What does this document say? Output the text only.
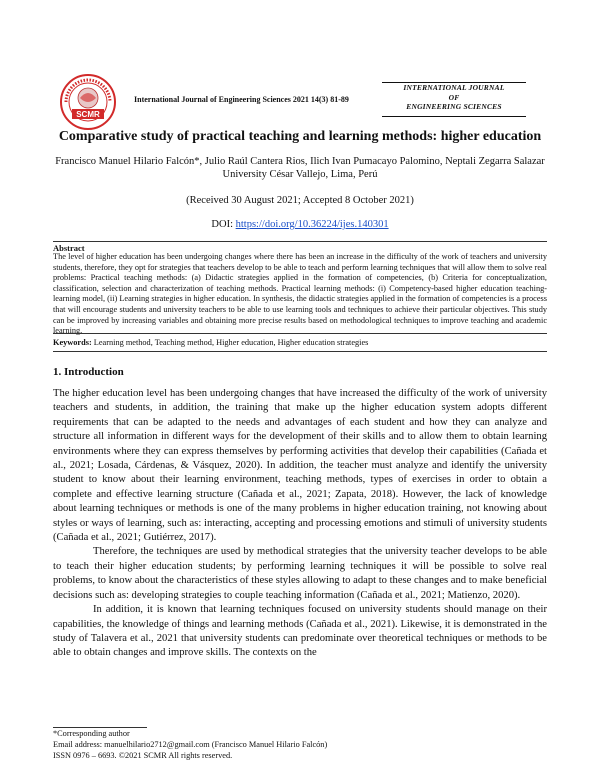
SCMR
International Journal of Engineering Sciences 2021 14(3) 81-89
INTERNATIONAL JOURNAL
OF
ENGINEERING SCIENCES
Comparative study of practical teaching and learning methods: higher education
Francisco Manuel Hilario Falcón*, Julio Raúl Cantera Rios, Ilich Ivan Pumacayo Palomino, Neptali Zegarra Salazar
University César Vallejo, Lima, Perú
(Received 30 August 2021; Accepted 8 October 2021)
DOI: https://doi.org/10.36224/ijes.140301
Abstract
The level of higher education has been undergoing changes where there has been an increase in the difficulty of the work of teachers and university students, therefore, they opt for strategies that teachers develop to be able to teach and perform learning techniques that will allow them to solve real problems: Practical teaching methods: (a) Didactic strategies applied in the formation of competencies, (b) Criteria for conceptualization, classification, selection and characterization of teaching methods. Practical learning methods: (i) Competency-based higher education teaching-learning model, (ii) Learning strategies in higher education. In synthesis, the didactic strategies applied in the formation of competencies is a process that will encourage students and university teachers to be able to use learning tools and techniques to achieve their particular objectives. This study can be improved by increasing variables and obtaining more precise results based on methodological techniques to improve teaching and academic learning.
Keywords: Learning method, Teaching method, Higher education, Higher education strategies
1. Introduction

The higher education level has been undergoing changes that have increased the difficulty of the work of university teachers and students, in addition, the training that make up the higher education system adopts different requirements that can be adapted to the needs and advantages of each student and how they can analyze and structure all information in different ways for the development of their skills and to allow them to obtain learning environments where they can express themselves by performing activities that develop their capabilities (Cañada et al., 2021; Losada, Cárdenas, & Vásquez, 2020). In addition, the teacher must analyze and identify the university student to know about their learning environment, teaching methods, types of exercises in order to obtain a complete and effective learning structure (Cañada et al., 2021; Zapata, 2018). However, the lack of knowledge about learning techniques or methods is one of the many problems in higher education training, not knowing about styles or ways of learning, such as: interacting, accepting and processing emotions and stimuli of university students (Cañada et al., 2021; Gutiérrez, 2017).

Therefore, the techniques are used by methodical strategies that the university teacher develops to be able to teach their higher education students; by performing learning techniques it will be possible to solve real problems, to know about the characteristics of these styles allowing to adapt to these changes and to make beneficial decisions such as: developing strategies to couple teaching information (Cañada et al., 2021; Matienzo, 2020).

In addition, it is known that learning techniques focused on university students should manage on their capabilities, the knowledge of things and learning methods (Cañada et al., 2021). Likewise, it is demonstrated in the study of Talavera et al., 2021 that university students can predominate over theoretical techniques or methods to be able to obtain changes and improve skills. The contexts on the

*Corresponding author
Email address: manuelhilario2712@gmail.com (Francisco Manuel Hilario Falcón)
ISSN 0976 – 6693. ©2021 SCMR All rights reserved.
